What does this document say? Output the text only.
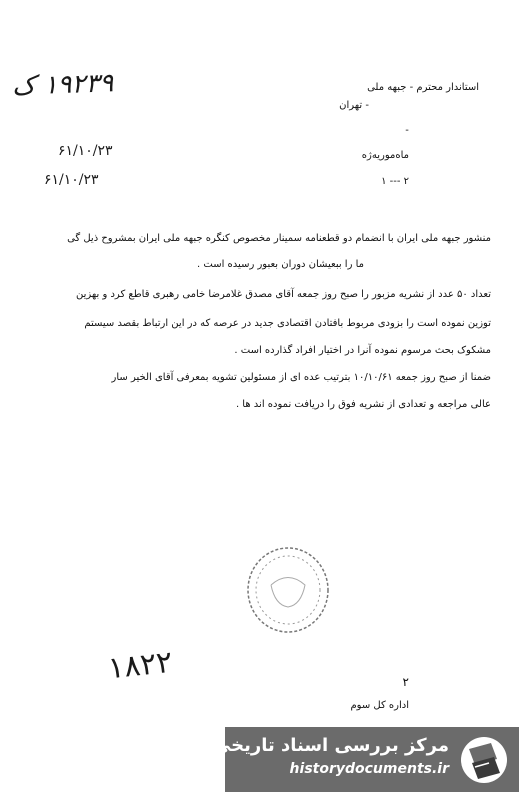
۱۹۲۳۹ ک
۶۱/۱۰/۲۳
۶۱/۱۰/۲۳
استاندار محترم - جبهه ملی
- تهران
-
ماه‌موریه‌ژه
۲ --- ۱
منشور جبهه ملی ایران با انضمام دو قطعنامه سمینار مخصوص کنگره جبهه ملی ایران بمشروح ذیل گی
ما را ببعیشان دوران بعبور رسیده است .
تعداد ۵۰ عدد از نشریه مزبور را صبح روز جمعه آقای مصدق غلامرضا خامی رهبری قاطع کرد و بهزین
توزین نموده است را بزودی مربوط بافتادن اقتصادی جدید در عرصه که در این ارتباط بقصد سیستم
مشکوک بحث مرسوم نموده آنرا در اختیار افراد گذارده است .
ضمنا از صبح روز جمعه ۱۰/۱۰/۶۱ بترتیب عده ای از مسئولین تشویه بمعرفی آقای الخیر سار
عالی مراجعه و تعدادی از نشریه فوق را دریافت نموده اند ها .
۱۸۲۲	۲
اداره کل سوم
مرکز بررسی اسناد تاریخی
historydocuments.ir
